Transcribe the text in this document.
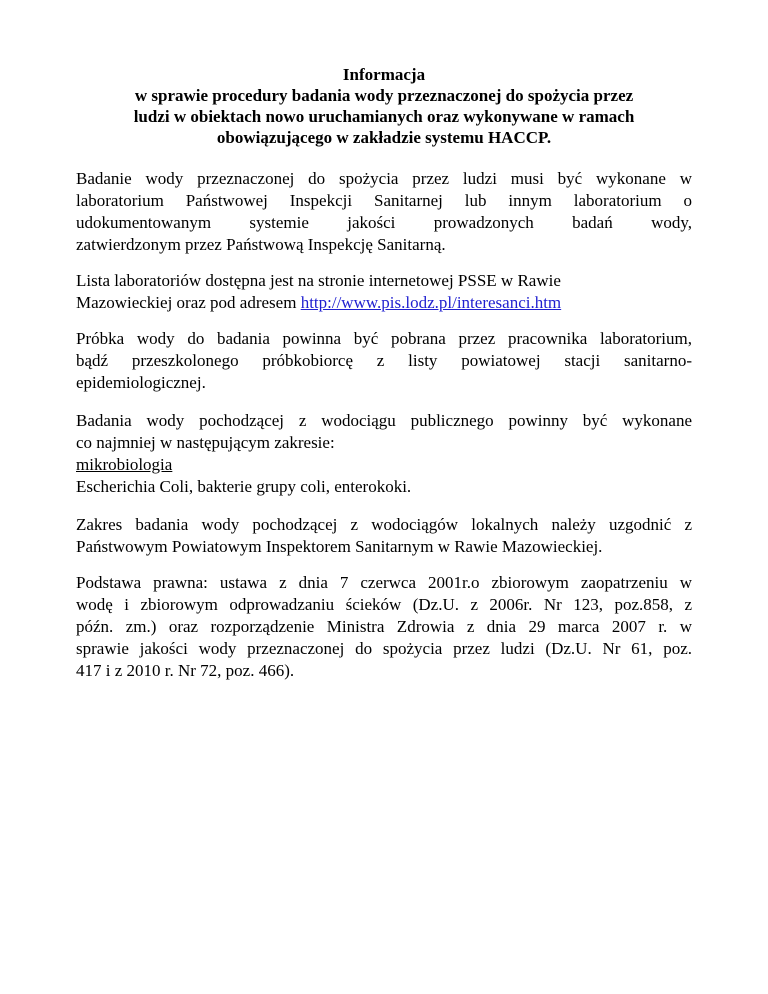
Informacja
w sprawie procedury badania wody przeznaczonej do spożycia przez
ludzi w obiektach nowo uruchamianych oraz wykonywane w ramach
obowiązującego w zakładzie systemu HACCP.
Badanie wody przeznaczonej do spożycia przez ludzi musi być wykonane w
laboratorium Państwowej Inspekcji Sanitarnej lub innym laboratorium o
udokumentowanym systemie jakości prowadzonych badań wody,
zatwierdzonym przez Państwową Inspekcję Sanitarną.
Lista laboratoriów dostępna jest na stronie internetowej PSSE w Rawie
Mazowieckiej oraz pod adresem http://www.pis.lodz.pl/interesanci.htm
Próbka wody do badania powinna być pobrana przez pracownika laboratorium,
bądź przeszkolonego próbkobiorcę z listy powiatowej stacji sanitarno-
epidemiologicznej.
Badania wody pochodzącej z wodociągu publicznego powinny być wykonane
co najmniej w następującym zakresie:
mikrobiologia
Escherichia Coli, bakterie grupy coli, enterokoki.
Zakres badania wody pochodzącej z wodociągów lokalnych należy uzgodnić z
Państwowym Powiatowym Inspektorem Sanitarnym w Rawie Mazowieckiej.
Podstawa prawna: ustawa z dnia 7 czerwca 2001r.o zbiorowym zaopatrzeniu w
wodę i zbiorowym odprowadzaniu ścieków (Dz.U. z 2006r. Nr 123, poz.858, z
późn. zm.) oraz rozporządzenie Ministra Zdrowia z dnia 29 marca 2007 r. w
sprawie jakości wody przeznaczonej do spożycia przez ludzi (Dz.U. Nr 61, poz.
417 i z 2010 r. Nr 72, poz. 466).
